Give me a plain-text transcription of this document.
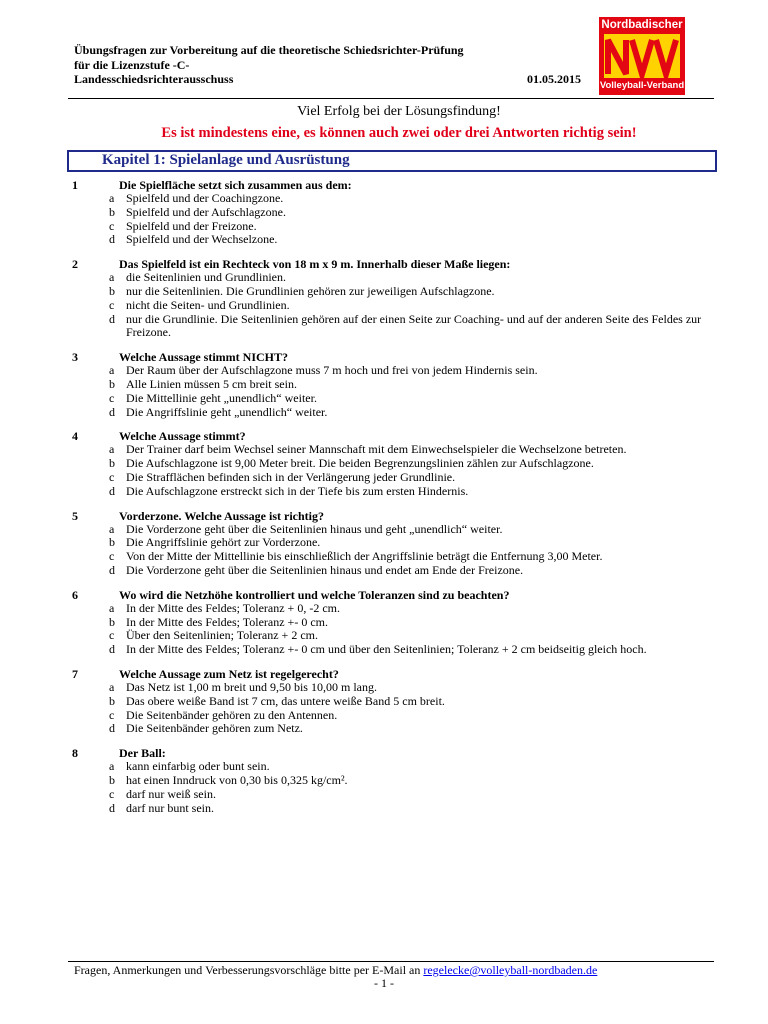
Übungsfragen zur Vorbereitung auf die theoretische Schiedsrichter-Prüfung
für die Lizenzstufe -C-
Landesschiedsrichterausschuss	01.05.2015
Nordbadischer
Volleyball-Verband
Viel Erfolg bei der Lösungsfindung!
Es ist mindestens eine, es können auch zwei oder drei Antworten richtig sein!
Kapitel 1: Spielanlage und Ausrüstung
1	Die Spielfläche setzt sich zusammen aus dem:
a Spielfeld und der Coachingzone.
b Spielfeld und der Aufschlagzone.
c Spielfeld und der Freizone.
d Spielfeld und der Wechselzone.
2	Das Spielfeld ist ein Rechteck von 18 m x 9 m. Innerhalb dieser Maße liegen:
a die Seitenlinien und Grundlinien.
b nur die Seitenlinien. Die Grundlinien gehören zur jeweiligen Aufschlagzone.
c nicht die Seiten- und Grundlinien.
d nur die Grundlinie. Die Seitenlinien gehören auf der einen Seite zur Coaching- und auf der anderen Seite des Feldes zur Freizone.
3	Welche Aussage stimmt NICHT?
a Der Raum über der Aufschlagzone muss 7 m hoch und frei von jedem Hindernis sein.
b Alle Linien müssen 5 cm breit sein.
c Die Mittellinie geht „unendlich“ weiter.
d Die Angriffslinie geht „unendlich“ weiter.
4	Welche Aussage stimmt?
a Der Trainer darf beim Wechsel seiner Mannschaft mit dem Einwechselspieler die Wechselzone betreten.
b Die Aufschlagzone ist 9,00 Meter breit. Die beiden Begrenzungslinien zählen zur Aufschlagzone.
c Die Strafflächen befinden sich in der Verlängerung jeder Grundlinie.
d Die Aufschlagzone erstreckt sich in der Tiefe bis zum ersten Hindernis.
5	Vorderzone. Welche Aussage ist richtig?
a Die Vorderzone geht über die Seitenlinien hinaus und geht „unendlich“ weiter.
b Die Angriffslinie gehört zur Vorderzone.
c Von der Mitte der Mittellinie bis einschließlich der Angriffslinie beträgt die Entfernung 3,00 Meter.
d Die Vorderzone geht über die Seitenlinien hinaus und endet am Ende der Freizone.
6	Wo wird die Netzhöhe kontrolliert und welche Toleranzen sind zu beachten?
a In der Mitte des Feldes; Toleranz + 0, -2 cm.
b In der Mitte des Feldes; Toleranz +- 0 cm.
c Über den Seitenlinien; Toleranz + 2 cm.
d In der Mitte des Feldes; Toleranz +- 0 cm und über den Seitenlinien; Toleranz + 2 cm beidseitig gleich hoch.
7	Welche Aussage zum Netz ist regelgerecht?
a Das Netz ist 1,00 m breit und 9,50 bis 10,00 m lang.
b Das obere weiße Band ist 7 cm, das untere weiße Band 5 cm breit.
c Die Seitenbänder gehören zu den Antennen.
d Die Seitenbänder gehören zum Netz.
8	Der Ball:
a kann einfarbig oder bunt sein.
b hat einen Inndruck von 0,30 bis 0,325 kg/cm².
c darf nur weiß sein.
d darf nur bunt sein.
Fragen, Anmerkungen und Verbesserungsvorschläge bitte per E-Mail an regelecke@volleyball-nordbaden.de
- 1 -
